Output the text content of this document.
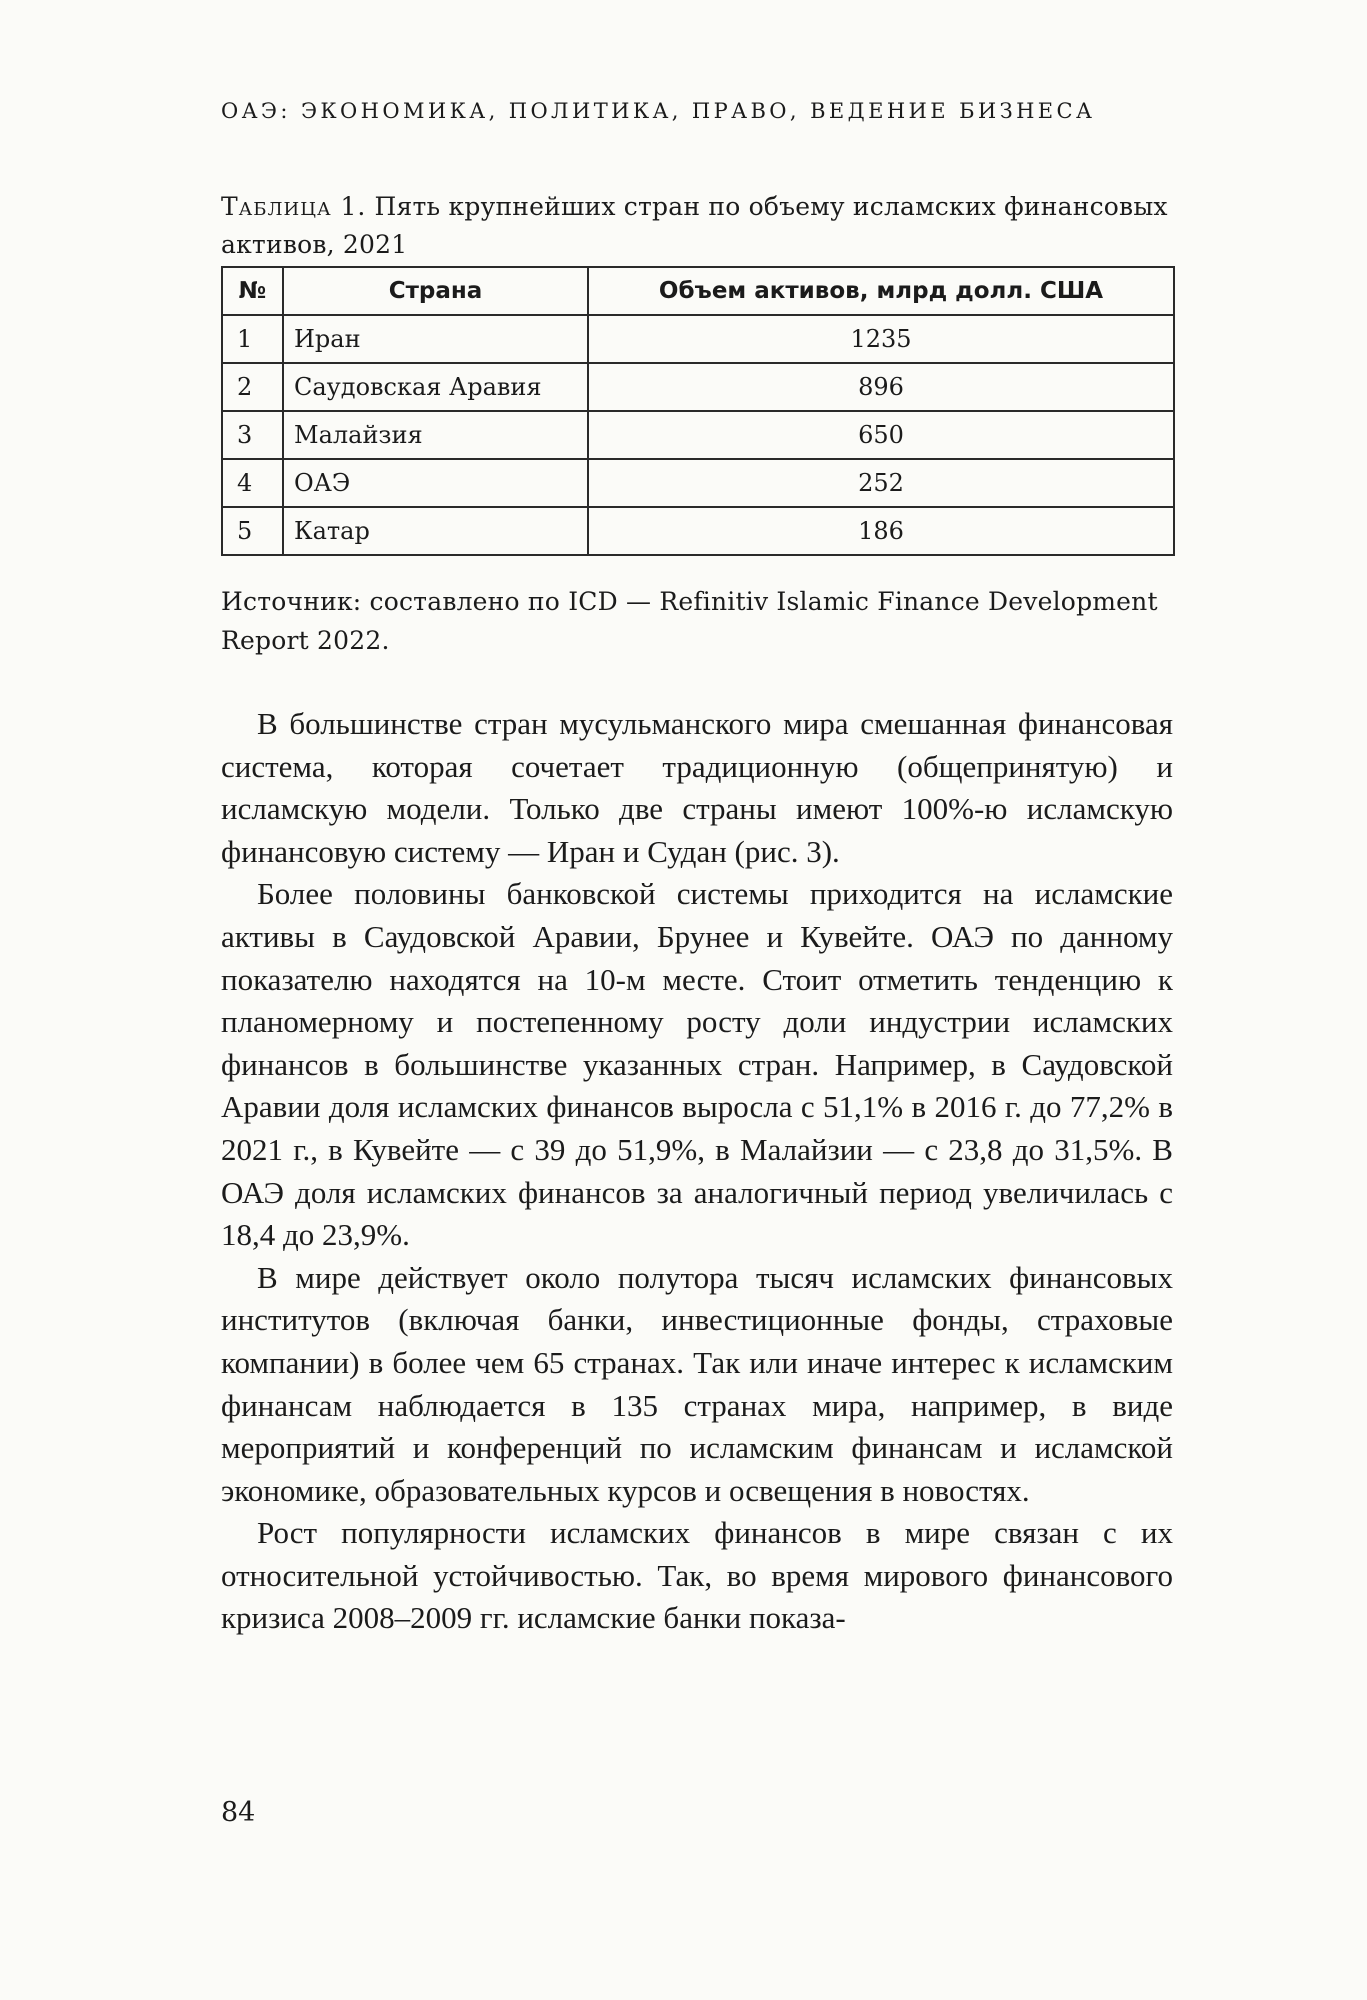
ОАЭ: ЭКОНОМИКА, ПОЛИТИКА, ПРАВО, ВЕДЕНИЕ БИЗНЕСА
Таблица 1. Пять крупнейших стран по объему исламских финансовых активов, 2021
№	Страна	Объем активов, млрд долл. США
1	Иран	1235
2	Саудовская Аравия	896
3	Малайзия	650
4	ОАЭ	252
5	Катар	186
Источник: составлено по ICD — Refinitiv Islamic Finance Development Report 2022.

В большинстве стран мусульманского мира смешанная финансовая система, которая сочетает традиционную (общепринятую) и исламскую модели. Только две страны имеют 100%-ю исламскую финансовую систему — Иран и Судан (рис. 3).

Более половины банковской системы приходится на исламские активы в Саудовской Аравии, Брунее и Кувейте. ОАЭ по данному показателю находятся на 10-м месте. Стоит отметить тенденцию к планомерному и постепенному росту доли индустрии исламских финансов в большинстве указанных стран. Например, в Саудовской Аравии доля исламских финансов выросла с 51,1% в 2016 г. до 77,2% в 2021 г., в Кувейте — с 39 до 51,9%, в Малайзии — с 23,8 до 31,5%. В ОАЭ доля исламских финансов за аналогичный период увеличилась с 18,4 до 23,9%.

В мире действует около полутора тысяч исламских финансовых институтов (включая банки, инвестиционные фонды, страховые компании) в более чем 65 странах. Так или иначе интерес к исламским финансам наблюдается в 135 странах мира, например, в виде мероприятий и конференций по исламским финансам и исламской экономике, образовательных курсов и освещения в новостях.

Рост популярности исламских финансов в мире связан с их относительной устойчивостью. Так, во время мирового финансового кризиса 2008–2009 гг. исламские банки показа-

84
